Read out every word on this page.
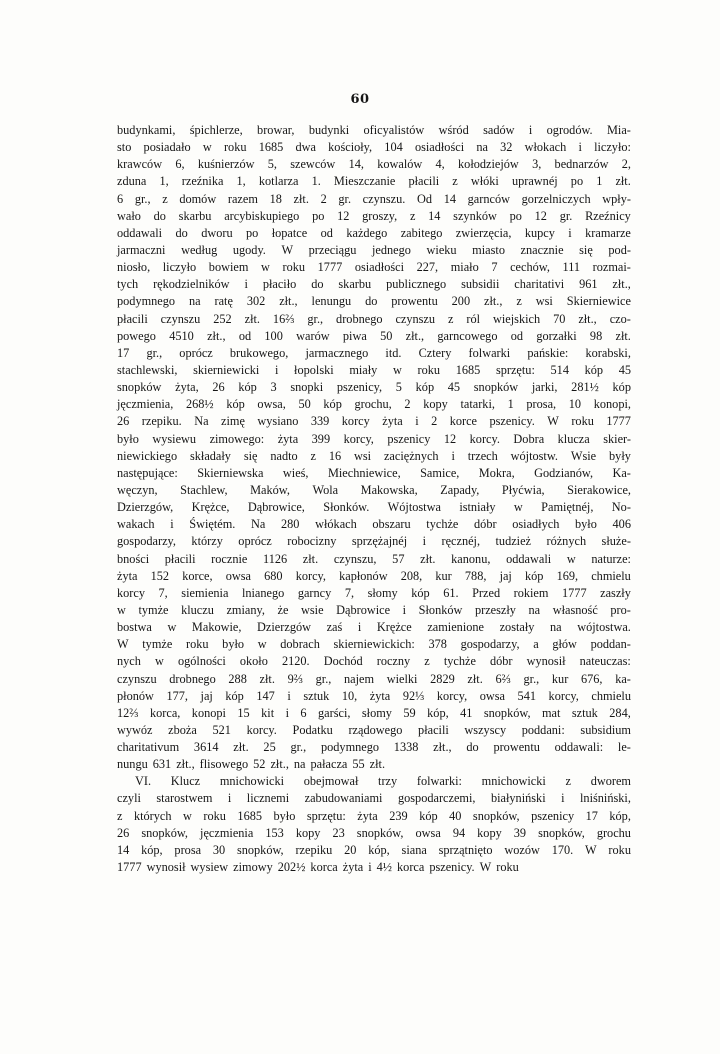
60
budynkami, śpichlerze, browar, budynki oficyalistów wśród sadów i ogrodów. Mia-
sto posiadało w roku 1685 dwa kościoły, 104 osiadłości na 32 włokach i liczyło:
krawców 6, kuśnierzów 5, szewców 14, kowalów 4, kołodziejów 3, bednarzów 2,
zduna 1, rzeźnika 1, kotlarza 1. Mieszczanie płacili z włóki uprawnéj po 1 złt.
6 gr., z domów razem 18 złt. 2 gr. czynszu. Od 14 garnców gorzelniczych wpły-
wało do skarbu arcybiskupiego po 12 groszy, z 14 szynków po 12 gr. Rzeźnicy
oddawali do dworu po łopatce od każdego zabitego zwierzęcia, kupcy i kramarze
jarmaczni według ugody. W przeciągu jednego wieku miasto znacznie się pod-
niosło, liczyło bowiem w roku 1777 osiadłości 227, miało 7 cechów, 111 rozmai-
tych rękodzielników i płaciło do skarbu publicznego subsidii charitativi 961 złt.,
podymnego na ratę 302 złt., lenungu do prowentu 200 złt., z wsi Skierniewice
płacili czynszu 252 złt. 16⅔ gr., drobnego czynszu z ról wiejskich 70 złt., czo-
powego 4510 złt., od 100 warów piwa 50 złt., garncowego od gorzałki 98 złt.
17 gr., oprócz brukowego, jarmacznego itd. Cztery folwarki pańskie: korabski,
stachlewski, skierniewicki i łopolski miały w roku 1685 sprzętu: 514 kóp 45
snopków żyta, 26 kóp 3 snopki pszenicy, 5 kóp 45 snopków jarki, 281½ kóp
jęczmienia, 268½ kóp owsa, 50 kóp grochu, 2 kopy tatarki, 1 prosa, 10 konopi,
26 rzepiku. Na zimę wysiano 339 korcy żyta i 2 korce pszenicy. W roku 1777
było wysiewu zimowego: żyta 399 korcy, pszenicy 12 korcy. Dobra klucza skier-
niewickiego składały się nadto z 16 wsi zaciężnych i trzech wójtostw. Wsie były
następujące: Skierniewska wieś, Miechniewice, Samice, Mokra, Godzianów, Ka-
węczyn, Stachlew, Maków, Wola Makowska, Zapady, Płyćwia, Sierakowice,
Dzierzgów, Krężce, Dąbrowice, Słonków. Wójtostwa istniały w Pamiętnéj, No-
wakach i Świętém. Na 280 włókach obszaru tychże dóbr osiadłych było 406
gospodarzy, którzy oprócz robocizny sprzężajnéj i ręcznéj, tudzież różnych służe-
bności płacili rocznie 1126 złt. czynszu, 57 złt. kanonu, oddawali w naturze:
żyta 152 korce, owsa 680 korcy, kapłonów 208, kur 788, jaj kóp 169, chmielu
korcy 7, siemienia lnianego garncy 7, słomy kóp 61. Przed rokiem 1777 zaszły
w tymże kluczu zmiany, że wsie Dąbrowice i Słonków przeszły na własność pro-
bostwa w Makowie, Dzierzgów zaś i Krężce zamienione zostały na wójtostwa.
W tymże roku było w dobrach skierniewickich: 378 gospodarzy, a głów poddan-
nych w ogólności około 2120. Dochód roczny z tychże dóbr wynosił nateuczas:
czynszu drobnego 288 złt. 9⅔ gr., najem wielki 2829 złt. 6⅔ gr., kur 676, ka-
płonów 177, jaj kóp 147 i sztuk 10, żyta 92⅓ korcy, owsa 541 korcy, chmielu
12⅔ korca, konopi 15 kit i 6 garści, słomy 59 kóp, 41 snopków, mat sztuk 284,
wywóz zboża 521 korcy. Podatku rządowego płacili wszyscy poddani: subsidium
charitativum 3614 złt. 25 gr., podymnego 1338 złt., do prowentu oddawali: le-
nungu 631 złt., flisowego 52 złt., na pałacza 55 złt.
VI. Klucz mnichowicki obejmował trzy folwarki: mnichowicki z dworem
czyli starostwem i licznemi zabudowaniami gospodarczemi, białyniński i lniśniński,
z których w roku 1685 było sprzętu: żyta 239 kóp 40 snopków, pszenicy 17 kóp,
26 snopków, jęczmienia 153 kopy 23 snopków, owsa 94 kopy 39 snopków, grochu
14 kóp, prosa 30 snopków, rzepiku 20 kóp, siana sprzątnięto wozów 170. W roku
1777 wynosił wysiew zimowy 202½ korca żyta i 4½ korca pszenicy. W roku
